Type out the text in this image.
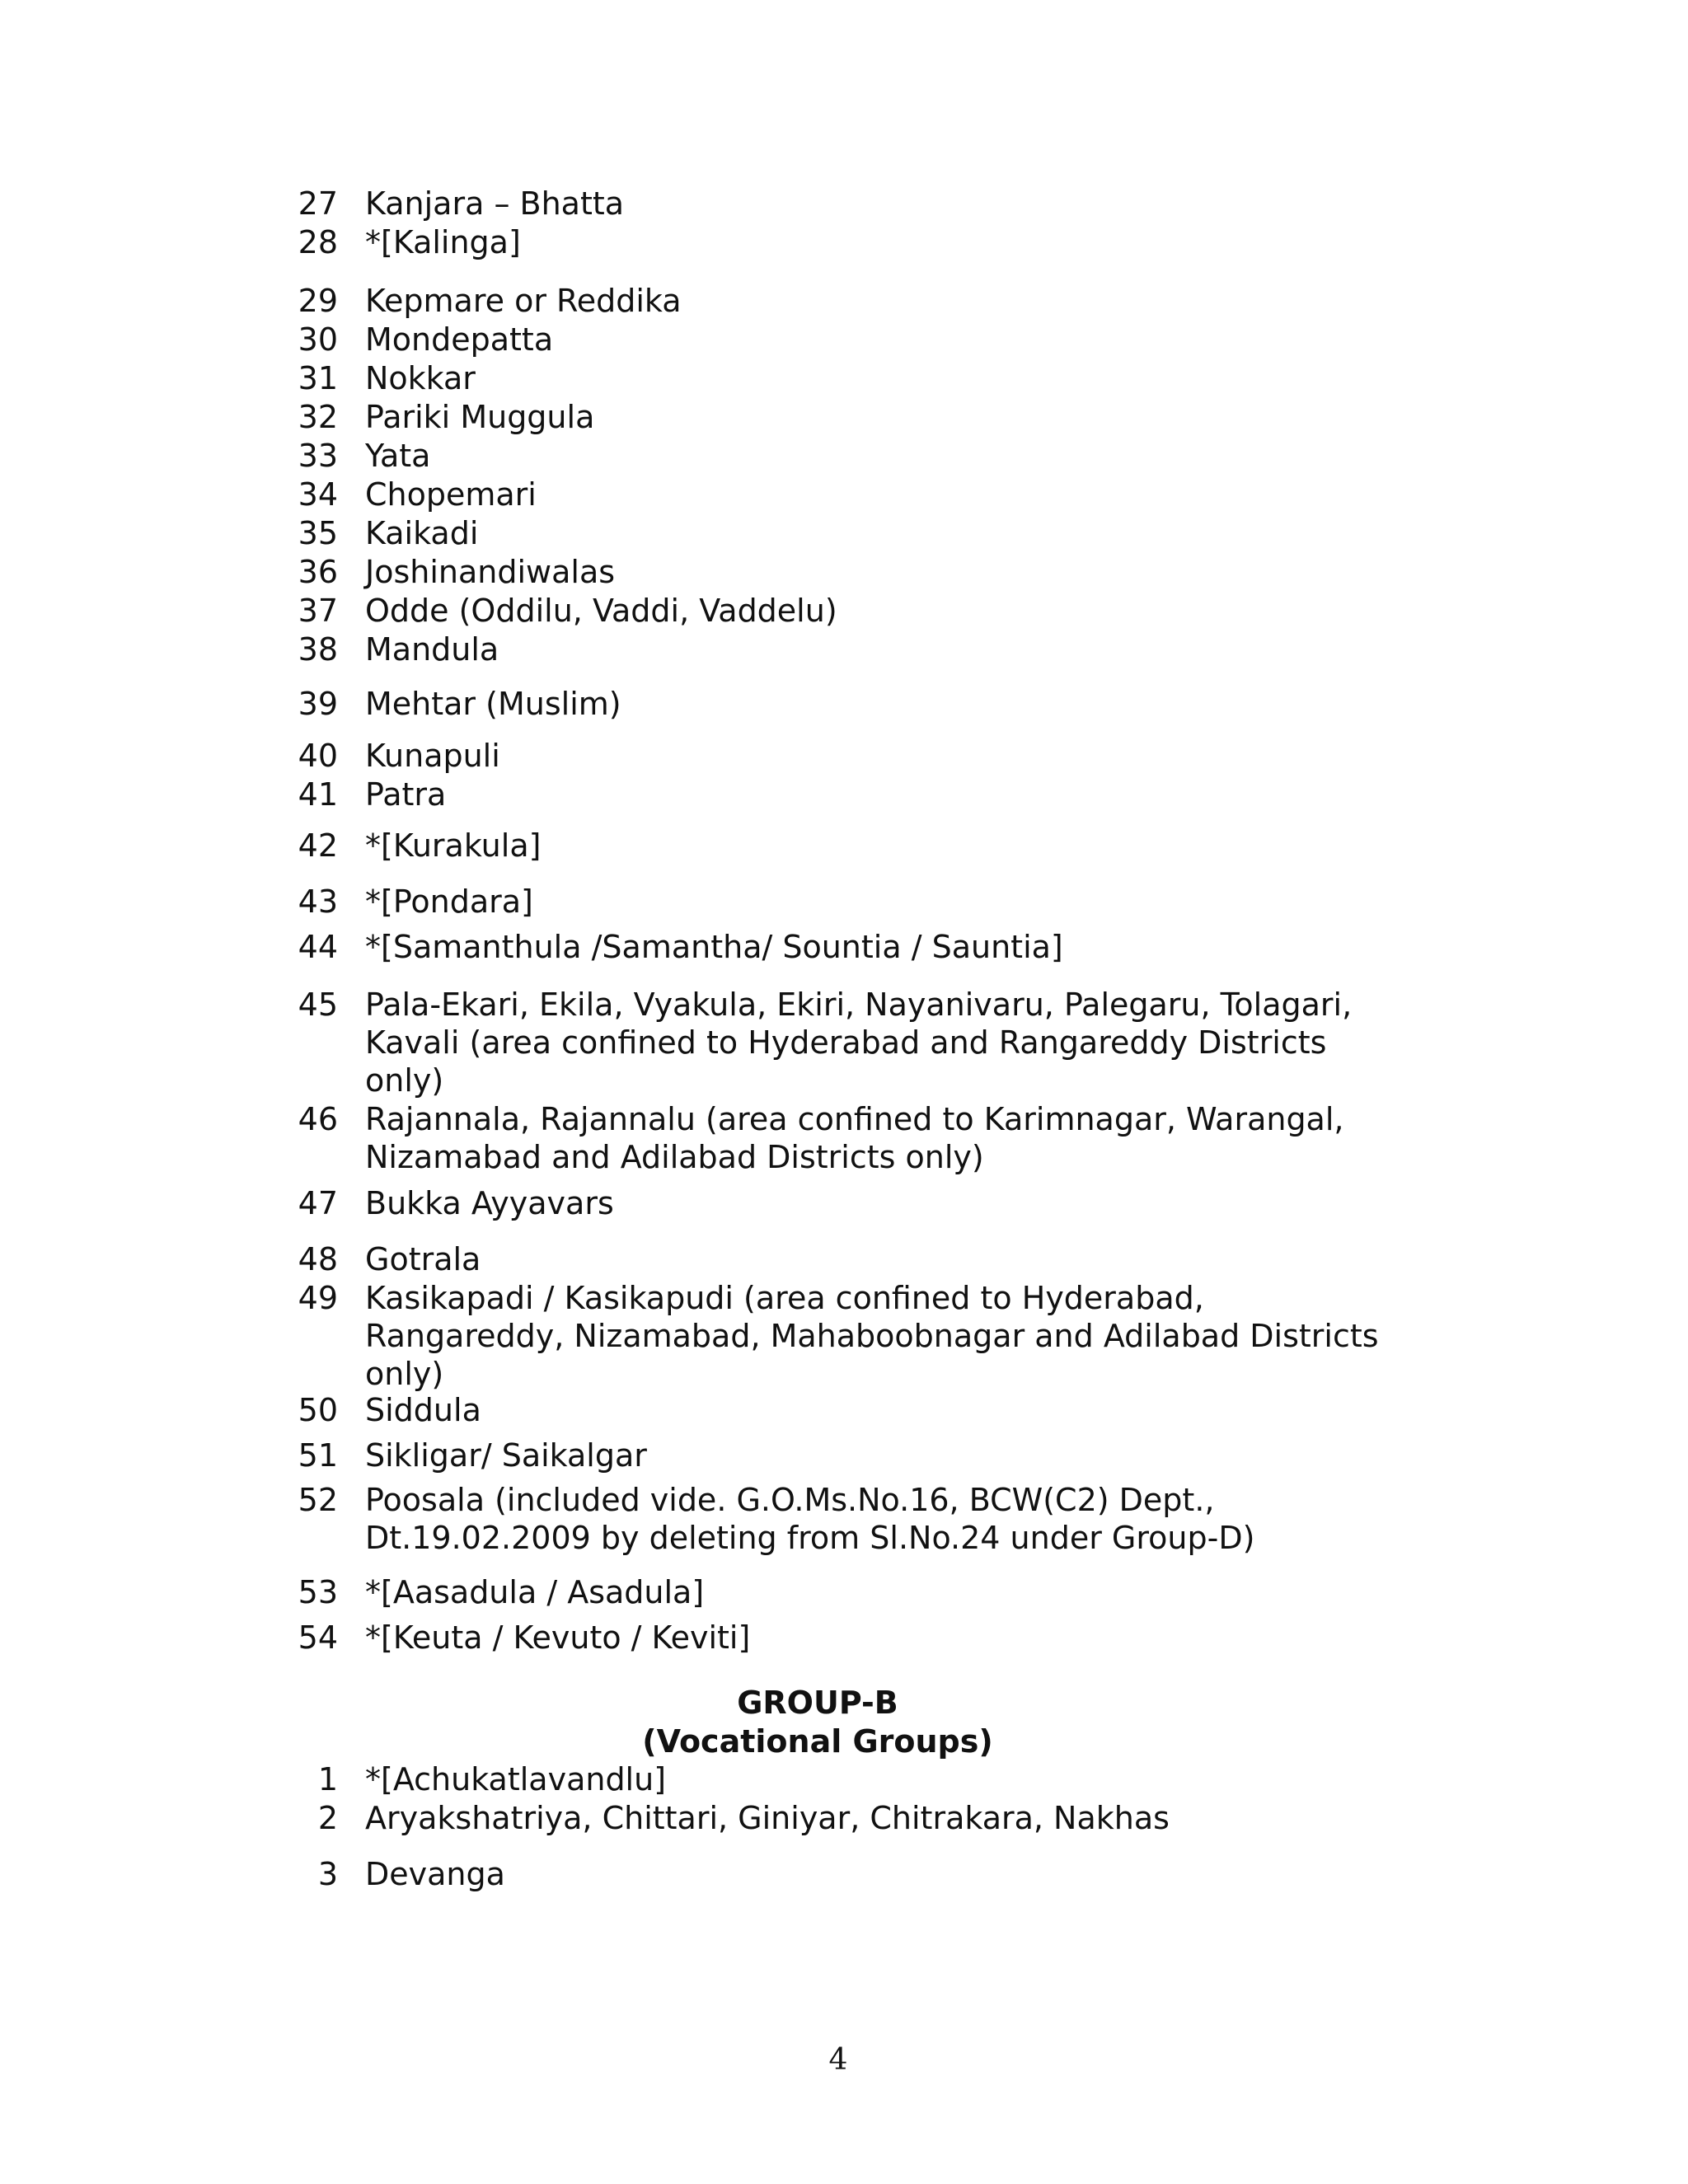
27 Kanjara – Bhatta
28 *[Kalinga]
29 Kepmare or Reddika
30 Mondepatta
31 Nokkar
32 Pariki Muggula
33 Yata
34 Chopemari
35 Kaikadi
36 Joshinandiwalas
37 Odde (Oddilu, Vaddi, Vaddelu)
38 Mandula
39 Mehtar (Muslim)
40 Kunapuli
41 Patra
42 *[Kurakula]
43 *[Pondara]
44 *[Samanthula /Samantha/ Sountia / Sauntia]
45 Pala-Ekari, Ekila, Vyakula, Ekiri, Nayanivaru, Palegaru, Tolagari,
Kavali (area confined to Hyderabad and Rangareddy Districts
only)
46 Rajannala, Rajannalu (area confined to Karimnagar, Warangal,
Nizamabad and Adilabad Districts only)
47 Bukka Ayyavars
48 Gotrala
49 Kasikapadi / Kasikapudi (area confined to Hyderabad,
Rangareddy, Nizamabad, Mahaboobnagar and Adilabad Districts
only)
50 Siddula
51 Sikligar/ Saikalgar
52 Poosala (included vide. G.O.Ms.No.16, BCW(C2) Dept.,
Dt.19.02.2009 by deleting from Sl.No.24 under Group-D)
53 *[Aasadula / Asadula]
54 *[Keuta / Kevuto / Keviti]
GROUP-B
(Vocational Groups)
1 *[Achukatlavandlu]
2 Aryakshatriya, Chittari, Giniyar, Chitrakara, Nakhas
3 Devanga
4
